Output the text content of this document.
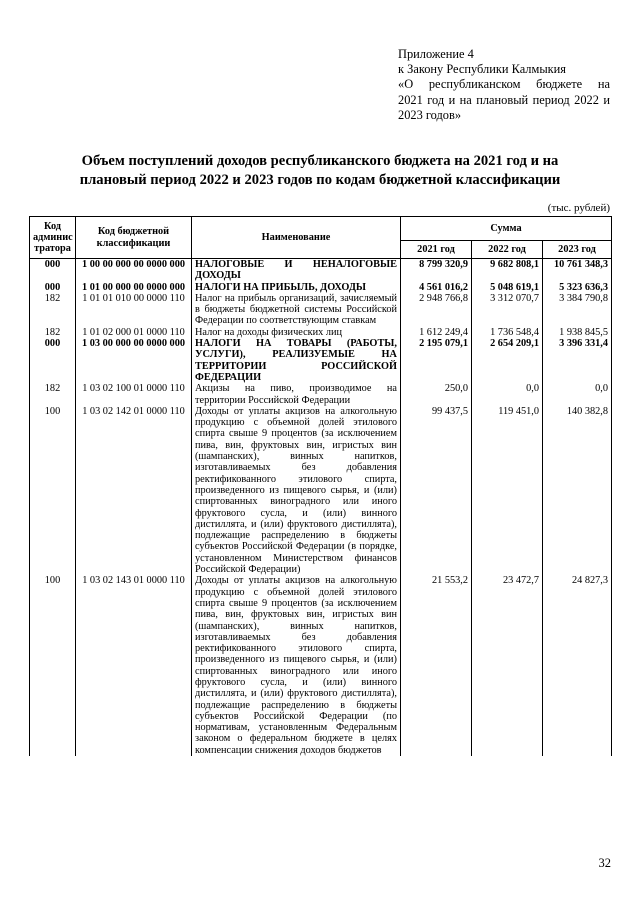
Приложение 4
к Закону Республики Калмыкия
«О республиканском бюджете на
2021 год и на плановый период 2022 и
2023 годов»
Объем поступлений доходов республиканского бюджета на 2021 год и на плановый период 2022 и 2023 годов по кодам бюджетной классификации
(тыс. рублей)
Код админис тратора	Код бюджетной классификации	Наименование	Сумма		
			2021 год	2022 год	2023 год
000	1 00 00 000 00 0000 000	НАЛОГОВЫЕ И НЕНАЛОГОВЫЕ ДОХОДЫ	8 799 320,9	9 682 808,1	10 761 348,3
000	1 01 00 000 00 0000 000	НАЛОГИ НА ПРИБЫЛЬ, ДОХОДЫ	4 561 016,2	5 048 619,1	5 323 636,3
182	1 01 01 010 00 0000 110	Налог на прибыль организаций, зачисляемый в бюджеты бюджетной системы Российской Федерации по соответствующим ставкам	2 948 766,8	3 312 070,7	3 384 790,8
182	1 01 02 000 01 0000 110	Налог на доходы физических лиц	1 612 249,4	1 736 548,4	1 938 845,5
000	1 03 00 000 00 0000 000	НАЛОГИ НА ТОВАРЫ (РАБОТЫ, УСЛУГИ), РЕАЛИЗУЕМЫЕ НА ТЕРРИТОРИИ РОССИЙСКОЙ ФЕДЕРАЦИИ	2 195 079,1	2 654 209,1	3 396 331,4
182	1 03 02 100 01 0000 110	Акцизы на пиво, производимое на территории Российской Федерации	250,0	0,0	0,0
100	1 03 02 142 01 0000 110	Доходы от уплаты акцизов на алкогольную продукцию с объемной долей этилового спирта свыше 9 процентов (за исключением пива, вин, фруктовых вин, игристых вин (шампанских), винных напитков, изготавливаемых без добавления ректификованного этилового спирта, произведенного из пищевого сырья, и (или) спиртованных виноградного или иного фруктового сусла, и (или) винного дистиллята, и (или) фруктового дистиллята), подлежащие распределению в бюджеты субъектов Российской Федерации (в порядке, установленном Министерством финансов Российской Федерации)	99 437,5	119 451,0	140 382,8
100	1 03 02 143 01 0000 110	Доходы от уплаты акцизов на алкогольную продукцию с объемной долей этилового спирта свыше 9 процентов (за исключением пива, вин, фруктовых вин, игристых вин (шампанских), винных напитков, изготавливаемых без добавления ректификованного этилового спирта, произведенного из пищевого сырья, и (или) спиртованных виноградного или иного фруктового сусла, и (или) винного дистиллята, и (или) фруктового дистиллята), подлежащие распределению в бюджеты субъектов Российской Федерации (по нормативам, установленным Федеральным законом о федеральном бюджете в целях компенсации снижения доходов бюджетов	21 553,2	23 472,7	24 827,3
32
